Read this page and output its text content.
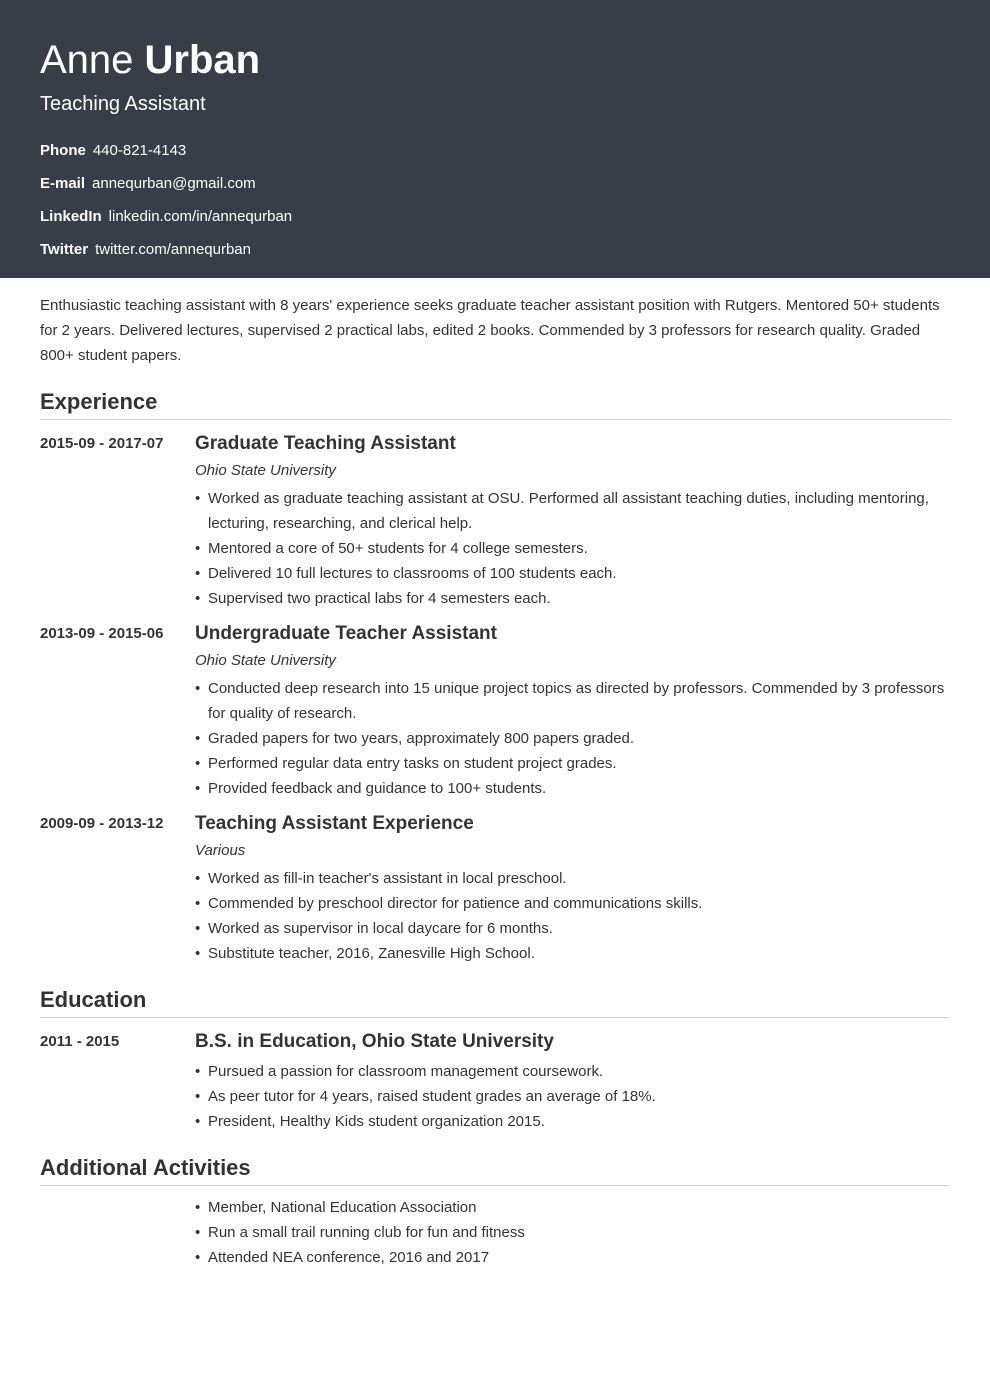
Anne Urban
Teaching Assistant
Phone 440-821-4143
E-mail annequrban@gmail.com
LinkedIn linkedin.com/in/annequrban
Twitter twitter.com/annequrban
Enthusiastic teaching assistant with 8 years' experience seeks graduate teacher assistant position with Rutgers. Mentored 50+ students for 2 years. Delivered lectures, supervised 2 practical labs, edited 2 books. Commended by 3 professors for research quality. Graded 800+ student papers.
Experience
2015-09 - 2017-07	Graduate Teaching Assistant
Ohio State University
• Worked as graduate teaching assistant at OSU. Performed all assistant teaching duties, including mentoring, lecturing, researching, and clerical help.
• Mentored a core of 50+ students for 4 college semesters.
• Delivered 10 full lectures to classrooms of 100 students each.
• Supervised two practical labs for 4 semesters each.
2013-09 - 2015-06	Undergraduate Teacher Assistant
Ohio State University
• Conducted deep research into 15 unique project topics as directed by professors. Commended by 3 professors for quality of research.
• Graded papers for two years, approximately 800 papers graded.
• Performed regular data entry tasks on student project grades.
• Provided feedback and guidance to 100+ students.
2009-09 - 2013-12	Teaching Assistant Experience
Various
• Worked as fill-in teacher's assistant in local preschool.
• Commended by preschool director for patience and communications skills.
• Worked as supervisor in local daycare for 6 months.
• Substitute teacher, 2016, Zanesville High School.
Education
2011 - 2015	B.S. in Education, Ohio State University
• Pursued a passion for classroom management coursework.
• As peer tutor for 4 years, raised student grades an average of 18%.
• President, Healthy Kids student organization 2015.
Additional Activities
• Member, National Education Association
• Run a small trail running club for fun and fitness
• Attended NEA conference, 2016 and 2017
